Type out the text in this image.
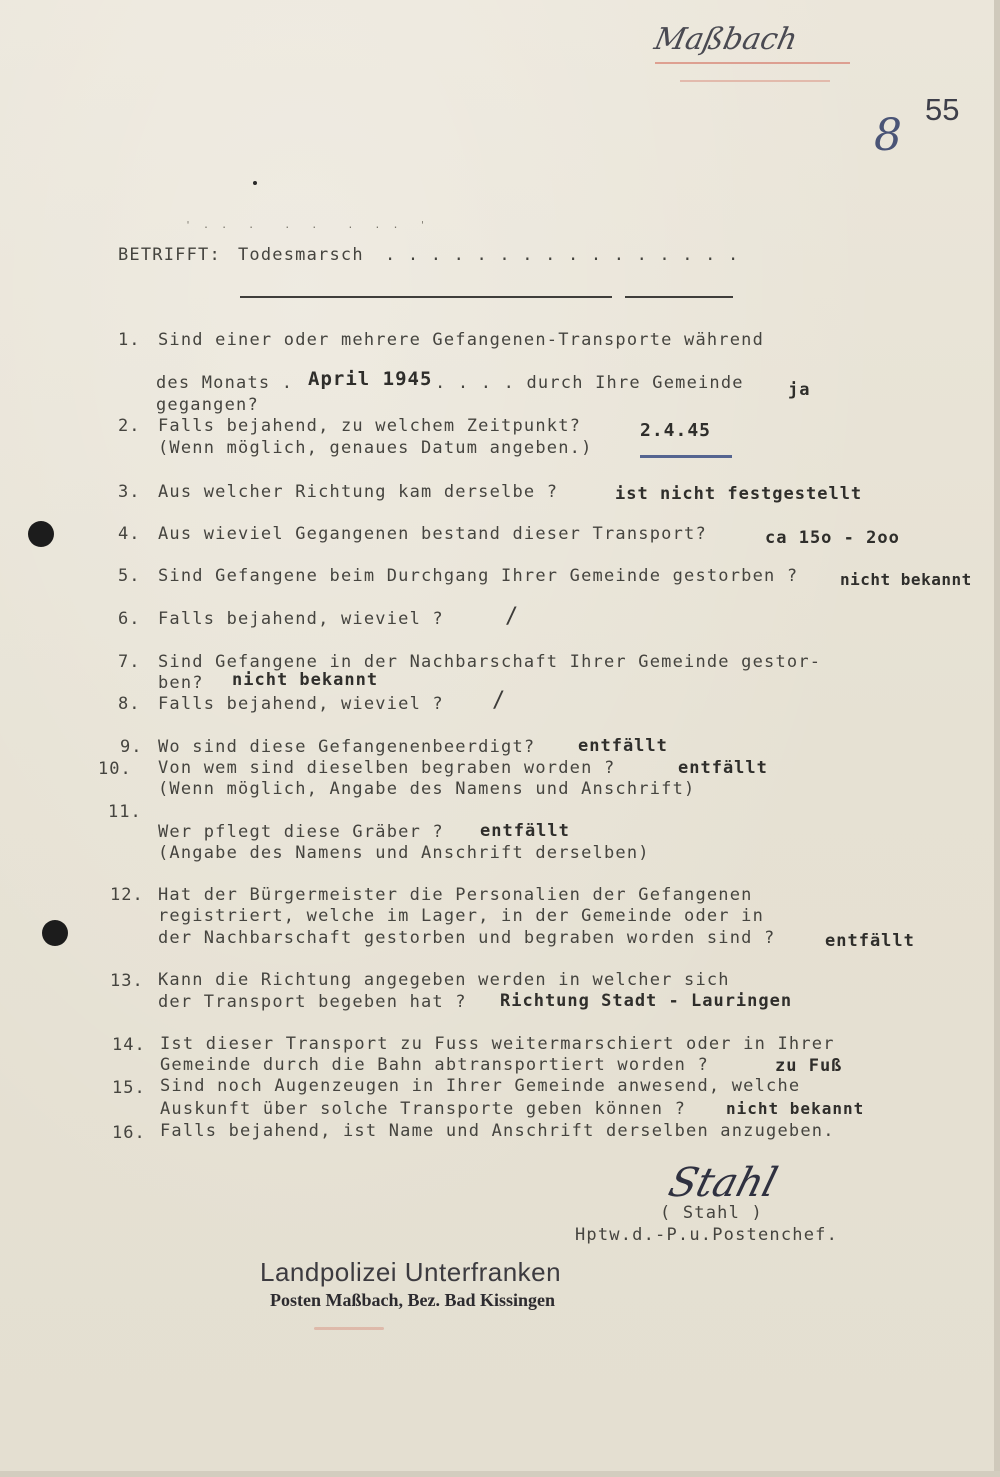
Maßbach
55
8
' . .  .   .  .   .  . .  '
BETRIFFT: Todesmarsch . . . . . . . . . . . . . . . .
1. Sind einer oder mehrere Gefangenen-Transporte während
des Monats . April 1945 . . . . durch Ihre Gemeinde
gegangen?
ja
2. Falls bejahend, zu welchem Zeitpunkt?
(Wenn möglich, genaues Datum angeben.)
2.4.45
3. Aus welcher Richtung kam derselbe ?	ist nicht festgestellt
4. Aus wieviel Gegangenen bestand dieser Transport?	ca 15o - 2oo
5. Sind Gefangene beim Durchgang Ihrer Gemeinde gestorben ?	nicht bekannt
6. Falls bejahend, wieviel ?	/
7. Sind Gefangene in der Nachbarschaft Ihrer Gemeinde gestor-
ben? nicht bekannt
8. Falls bejahend, wieviel ? /
9. Wo sind diese Gefangenenbeerdigt?	entfällt
10. Von wem sind dieselben begraben worden ?
(Wenn möglich, Angabe des Namens und Anschrift)
entfällt
11.
Wer pflegt diese Gräber ?
(Angabe des Namens und Anschrift derselben)
entfällt
12. Hat der Bürgermeister die Personalien der Gefangenen
registriert, welche im Lager, in der Gemeinde oder in
der Nachbarschaft gestorben und begraben worden sind ?	entfällt
13. Kann die Richtung angegeben werden in welcher sich
der Transport begeben hat ? Richtung Stadt - Lauringen
14. Ist dieser Transport zu Fuss weitermarschiert oder in Ihrer
Gemeinde durch die Bahn abtransportiert worden ?	zu Fuß
15. Sind noch Augenzeugen in Ihrer Gemeinde anwesend, welche
Auskunft über solche Transporte geben können ? nicht bekannt
16. Falls bejahend, ist Name und Anschrift derselben anzugeben.
Stahl
( Stahl )
Hptw.d.-P.u.Postenchef.
Landpolizei Unterfranken
Posten Maßbach, Bez. Bad Kissingen
